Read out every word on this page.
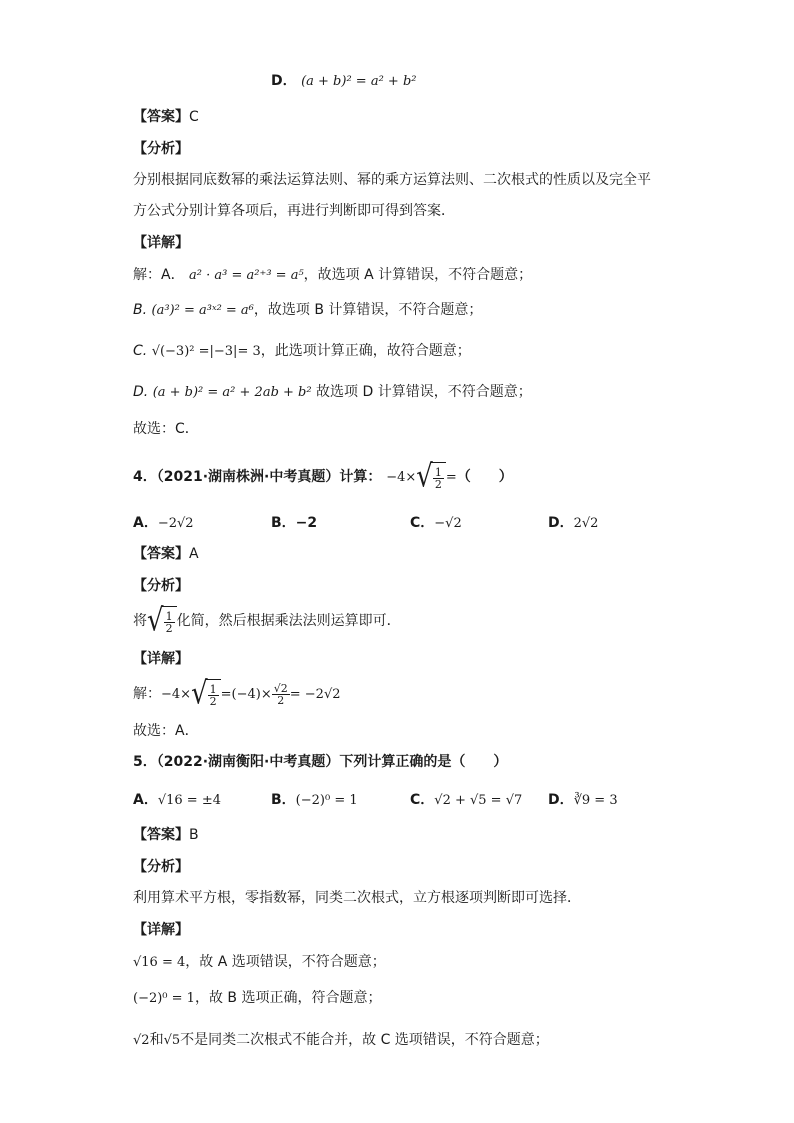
D． (a + b)² = a² + b²
【答案】C
【分析】
分别根据同底数幂的乘法运算法则、幂的乘方运算法则、二次根式的性质以及完全平
方公式分别计算各项后，再进行判断即可得到答案．
【详解】
解：A． a² · a³ = a²⁺³ = a⁵，故选项 A 计算错误，不符合题意；
B. (a³)² = a³ˣ² = a⁶，故选项 B 计算错误，不符合题意；
C. √(−3)² =|−3|= 3，此选项计算正确，故符合题意；
D. (a + b)² = a² + 2ab + b² 故选项 D 计算错误，不符合题意；
故选：C．
4．（2021·湖南株洲·中考真题）计算： −4× √ $\frac{1}{2}$ =（　　）
A．−2√2	B．−2	C．−√2	D．2√2
【答案】A
【分析】
将 √ $\frac{1}{2}$ 化简，然后根据乘法法则运算即可．
【详解】
解：−4× √ $\frac{1}{2} =(-4)\times \frac{√2}{2} = -2√2$
故选：A．
5．（2022·湖南衡阳·中考真题）下列计算正确的是（　　）
A．√16 = ±4	B．(−2)⁰ = 1	C．√2 + √5 = √7 D．∛9 = 3
【答案】B
【分析】
利用算术平方根，零指数幂，同类二次根式，立方根逐项判断即可选择．
【详解】
√16 = 4，故 A 选项错误，不符合题意；
(−2)⁰ = 1，故 B 选项正确，符合题意；
√2和√5不是同类二次根式不能合并，故 C 选项错误，不符合题意；
